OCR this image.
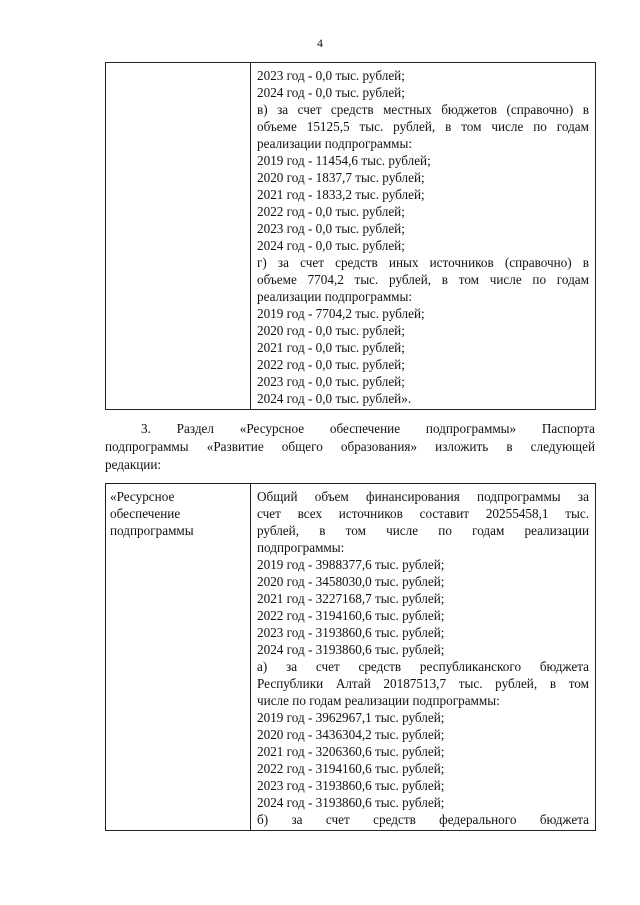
4

2023 год - 0,0 тыс. рублей;
2024 год - 0,0 тыс. рублей;
в) за счет средств местных бюджетов (справочно) в
объеме 15125,5 тыс. рублей, в том числе по годам
реализации подпрограммы:
2019 год - 11454,6 тыс. рублей;
2020 год - 1837,7 тыс. рублей;
2021 год - 1833,2 тыс. рублей;
2022 год - 0,0 тыс. рублей;
2023 год - 0,0 тыс. рублей;
2024 год - 0,0 тыс. рублей;
г) за счет средств иных источников (справочно) в
объеме 7704,2 тыс. рублей, в том числе по годам
реализации подпрограммы:
2019 год - 7704,2 тыс. рублей;
2020 год - 0,0 тыс. рублей;
2021 год - 0,0 тыс. рублей;
2022 год - 0,0 тыс. рублей;
2023 год - 0,0 тыс. рублей;
2024 год - 0,0 тыс. рублей».
3. Раздел «Ресурсное обеспечение подпрограммы» Паспорта
подпрограммы «Развитие общего образования» изложить в следующей
редакции:
«Ресурсное
обеспечение
подпрограммы

Общий объем финансирования подпрограммы за
счет всех источников составит 20255458,1 тыс.
рублей, в том числе по годам реализации
подпрограммы:
2019 год - 3988377,6 тыс. рублей;
2020 год - 3458030,0 тыс. рублей;
2021 год - 3227168,7 тыс. рублей;
2022 год - 3194160,6 тыс. рублей;
2023 год - 3193860,6 тыс. рублей;
2024 год - 3193860,6 тыс. рублей;
а) за счет средств республиканского бюджета
Республики Алтай 20187513,7 тыс. рублей, в том
числе по годам реализации подпрограммы:
2019 год - 3962967,1 тыс. рублей;
2020 год - 3436304,2 тыс. рублей;
2021 год - 3206360,6 тыс. рублей;
2022 год - 3194160,6 тыс. рублей;
2023 год - 3193860,6 тыс. рублей;
2024 год - 3193860,6 тыс. рублей;
б) за счет средств федерального бюджета
